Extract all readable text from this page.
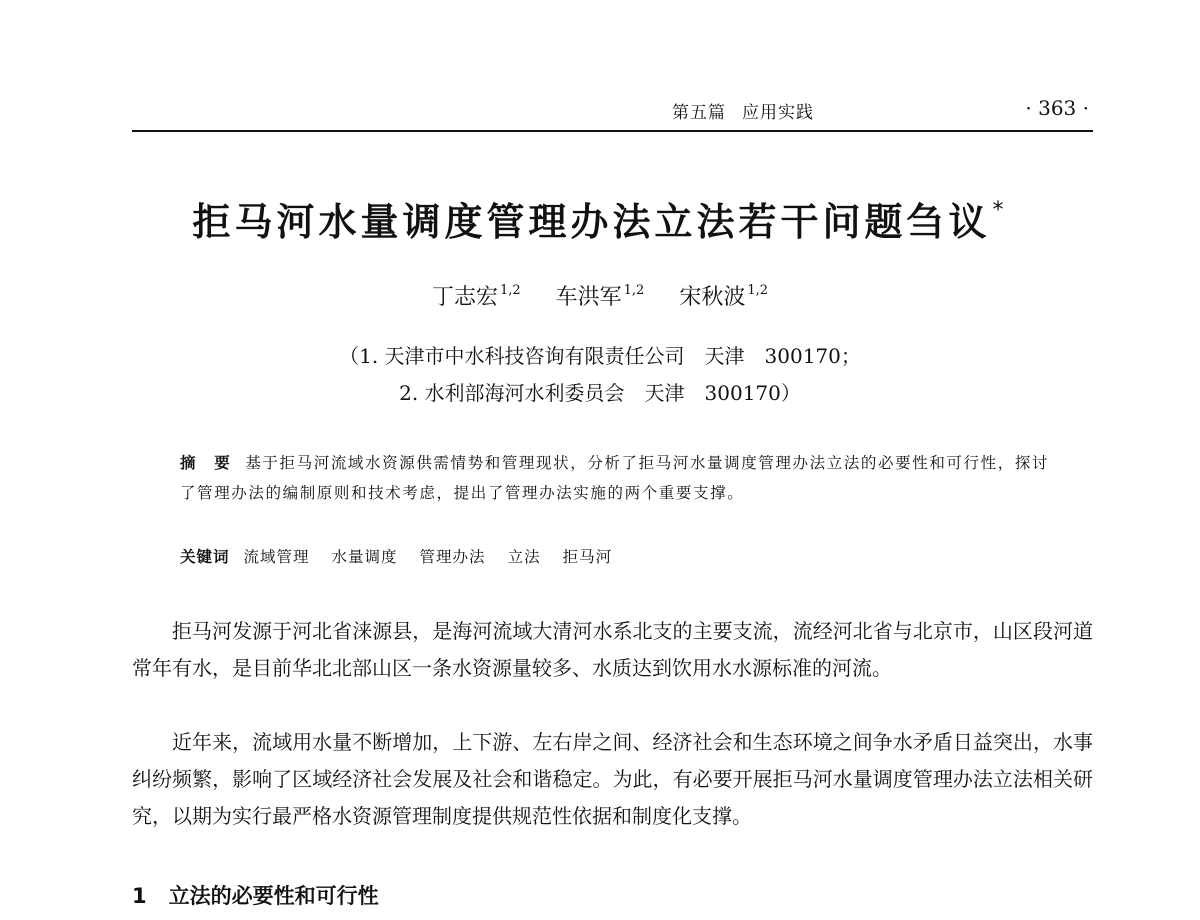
第五篇 应用实践	· 363 ·
拒马河水量调度管理办法立法若干问题刍议*
丁志宏 $^{1,2}$ 车洪军 $^{1,2}$ 宋秋波 $^{1,2}$
（1. 天津市中水科技咨询有限责任公司　天津　300170；
2. 水利部海河水利委员会　天津　300170）
摘　要 基于拒马河流域水资源供需情势和管理现状，分析了拒马河水量调度管理办法立法的必要性和可行性，探讨了管理办法的编制原则和技术考虑，提出了管理办法实施的两个重要支撑。
关键词 流域管理 水量调度 管理办法 立法 拒马河

拒马河发源于河北省涞源县，是海河流域大清河水系北支的主要支流，流经河北省与北京市，山区段河道常年有水，是目前华北北部山区一条水资源量较多、水质达到饮用水水源标准的河流。

近年来，流域用水量不断增加，上下游、左右岸之间、经济社会和生态环境之间争水矛盾日益突出，水事纠纷频繁，影响了区域经济社会发展及社会和谐稳定。为此，有必要开展拒马河水量调度管理办法立法相关研究，以期为实行最严格水资源管理制度提供规范性依据和制度化支撑。

1 立法的必要性和可行性
